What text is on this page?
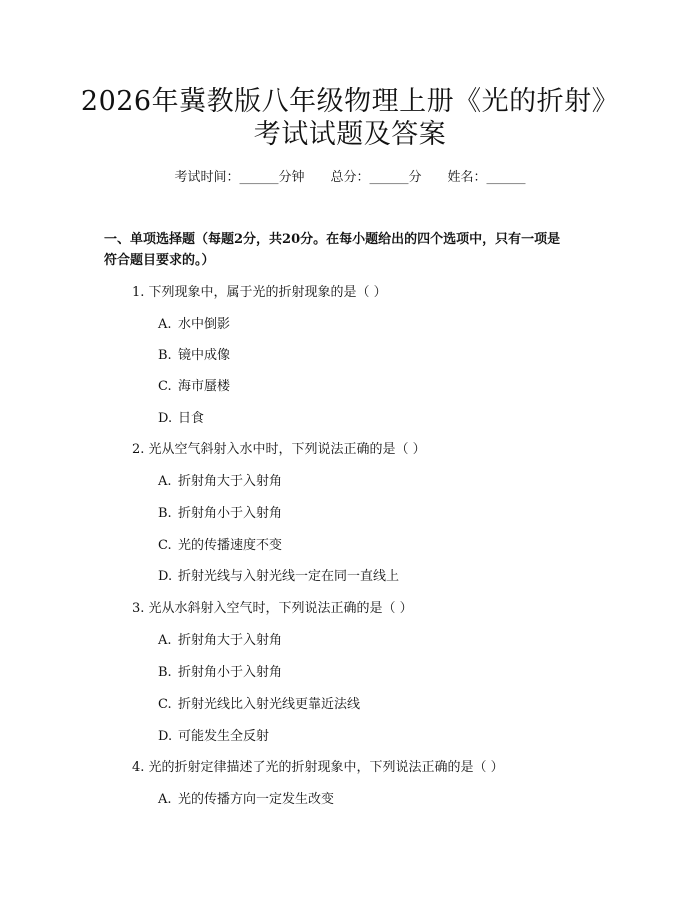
2026年冀教版八年级物理上册《光的折射》
考试试题及答案
考试时间：______分钟 总分：______分 姓名：______
一、单项选择题（每题2分，共20分。在每小题给出的四个选项中，只有一项是
符合题目要求的。）
1. 下列现象中，属于光的折射现象的是（ ）
A. 水中倒影
B. 镜中成像
C. 海市蜃楼
D. 日食
2. 光从空气斜射入水中时，下列说法正确的是（ ）
A. 折射角大于入射角
B. 折射角小于入射角
C. 光的传播速度不变
D. 折射光线与入射光线一定在同一直线上
3. 光从水斜射入空气时，下列说法正确的是（ ）
A. 折射角大于入射角
B. 折射角小于入射角
C. 折射光线比入射光线更靠近法线
D. 可能发生全反射
4. 光的折射定律描述了光的折射现象中，下列说法正确的是（ ）
A. 光的传播方向一定发生改变
